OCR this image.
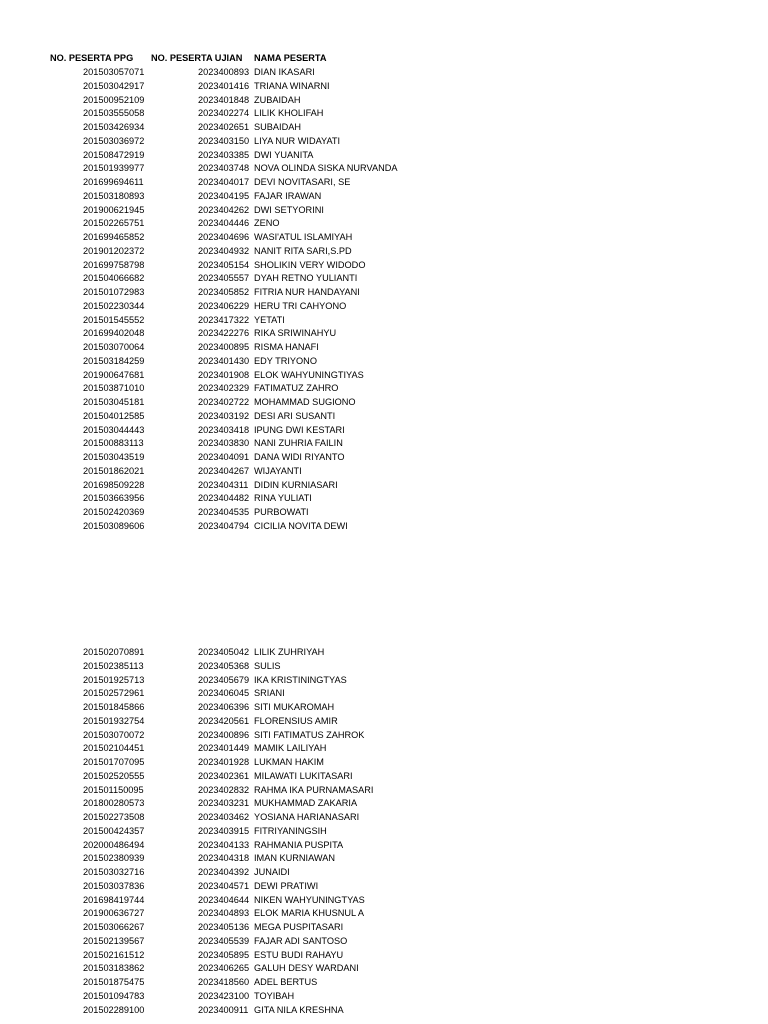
NO. PESERTA PPG NO. PESERTA UJIAN NAMA PESERTA
201503057071	2023400893 DIAN IKASARI
201503042917	2023401416 TRIANA WINARNI
201500952109	2023401848 ZUBAIDAH
201503555058	2023402274 LILIK KHOLIFAH
201503426934	2023402651 SUBAIDAH
201503036972	2023403150 LIYA NUR WIDAYATI
201508472919	2023403385 DWI YUANITA
201501939977	2023403748 NOVA OLINDA SISKA NURVANDA
201699694611	2023404017 DEVI NOVITASARI, SE
201503180893	2023404195 FAJAR IRAWAN
201900621945	2023404262 DWI SETYORINI
201502265751	2023404446 ZENO
201699465852	2023404696 WASI'ATUL ISLAMIYAH
201901202372	2023404932 NANIT RITA SARI,S.PD
201699758798	2023405154 SHOLIKIN VERY WIDODO
201504066682	2023405557 DYAH RETNO YULIANTI
201501072983	2023405852 FITRIA NUR HANDAYANI
201502230344	2023406229 HERU TRI CAHYONO
201501545552	2023417322 YETATI
201699402048	2023422276 RIKA SRIWINAHYU
201503070064	2023400895 RISMA HANAFI
201503184259	2023401430 EDY TRIYONO
201900647681	2023401908 ELOK WAHYUNINGTIYAS
201503871010	2023402329 FATIMATUZ ZAHRO
201503045181	2023402722 MOHAMMAD SUGIONO
201504012585	2023403192 DESI ARI SUSANTI
201503044443	2023403418 IPUNG DWI KESTARI
201500883113	2023403830 NANI ZUHRIA FAILIN
201503043519	2023404091 DANA WIDI RIYANTO
201501862021	2023404267 WIJAYANTI
201698509228	2023404311 DIDIN KURNIASARI
201503663956	2023404482 RINA YULIATI
201502420369	2023404535 PURBOWATI
201503089606	2023404794 CICILIA NOVITA DEWI
201502070891	2023405042 LILIK ZUHRIYAH
201502385113	2023405368 SULIS
201501925713	2023405679 IKA KRISTININGTYAS
201502572961	2023406045 SRIANI
201501845866	2023406396 SITI MUKAROMAH
201501932754	2023420561 FLORENSIUS AMIR
201503070072	2023400896 SITI FATIMATUS ZAHROK
201502104451	2023401449 MAMIK LAILIYAH
201501707095	2023401928 LUKMAN HAKIM
201502520555	2023402361 MILAWATI LUKITASARI
201501150095	2023402832 RAHMA IKA PURNAMASARI
201800280573	2023403231 MUKHAMMAD ZAKARIA
201502273508	2023403462 YOSIANA HARIANASARI
201500424357	2023403915 FITRIYANINGSIH
202000486494	2023404133 RAHMANIA PUSPITA
201502380939	2023404318 IMAN KURNIAWAN
201503032716	2023404392 JUNAIDI
201503037836	2023404571 DEWI PRATIWI
201698419744	2023404644 NIKEN WAHYUNINGTYAS
201900636727	2023404893 ELOK MARIA KHUSNUL A
201503066267	2023405136 MEGA PUSPITASARI
201502139567	2023405539 FAJAR ADI SANTOSO
201502161512	2023405895 ESTU BUDI RAHAYU
201503183862	2023406265 GALUH DESY WARDANI
201501875475	2023418560 ADEL BERTUS
201501094783	2023423100 TOYIBAH
201502289100	2023400911 GITA NILA KRESHNA
